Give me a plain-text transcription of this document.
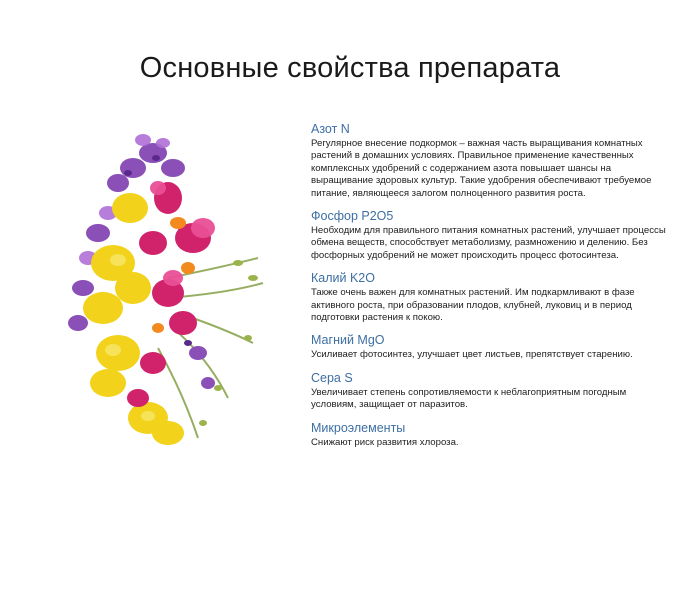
Основные свойства препарата
Азот N
Регулярное внесение подкормок – важная часть выращивания комнатных растений в домашних условиях. Правильное применение качественных комплексных удобрений с содержанием азота повышает шансы на выращивание здоровых культур. Такие удобрения обеспечивают требуемое питание, являющееся залогом полноценного развития роста.
Фосфор P2O5
Необходим для правильного питания комнатных растений, улучшает процессы обмена веществ, способствует метаболизму, размножению и делению. Без фосфорных удобрений не может происходить процесс фотосинтеза.
Калий K2O
Также очень важен для комнатных растений. Им подкармливают в фазе активного роста, при образовании плодов, клубней, луковиц и в период подготовки растения к покою.
Магний MgO
Усиливает фотосинтез, улучшает цвет листьев, препятствует старению.
Сера S
Увеличивает степень сопротивляемости к неблагоприятным погодным условиям, защищает от паразитов.
Микроэлементы
Снижают риск развития хлороза.
